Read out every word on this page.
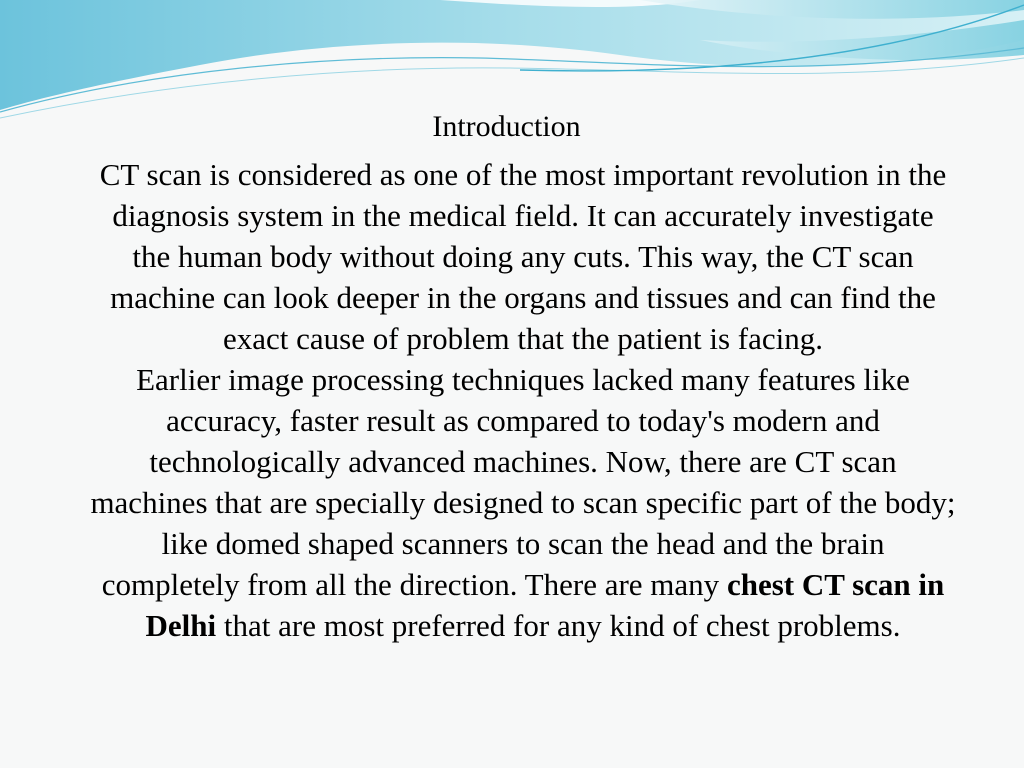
Introduction

CT scan is considered as one of the most important revolution in the diagnosis system in the medical field. It can accurately investigate the human body without doing any cuts. This way, the CT scan machine can look deeper in the organs and tissues and can find the exact cause of problem that the patient is facing.

Earlier image processing techniques lacked many features like accuracy, faster result as compared to today's modern and technologically advanced machines. Now, there are CT scan machines that are specially designed to scan specific part of the body; like domed shaped scanners to scan the head and the brain completely from all the direction. There are many chest CT scan in Delhi that are most preferred for any kind of chest problems.
